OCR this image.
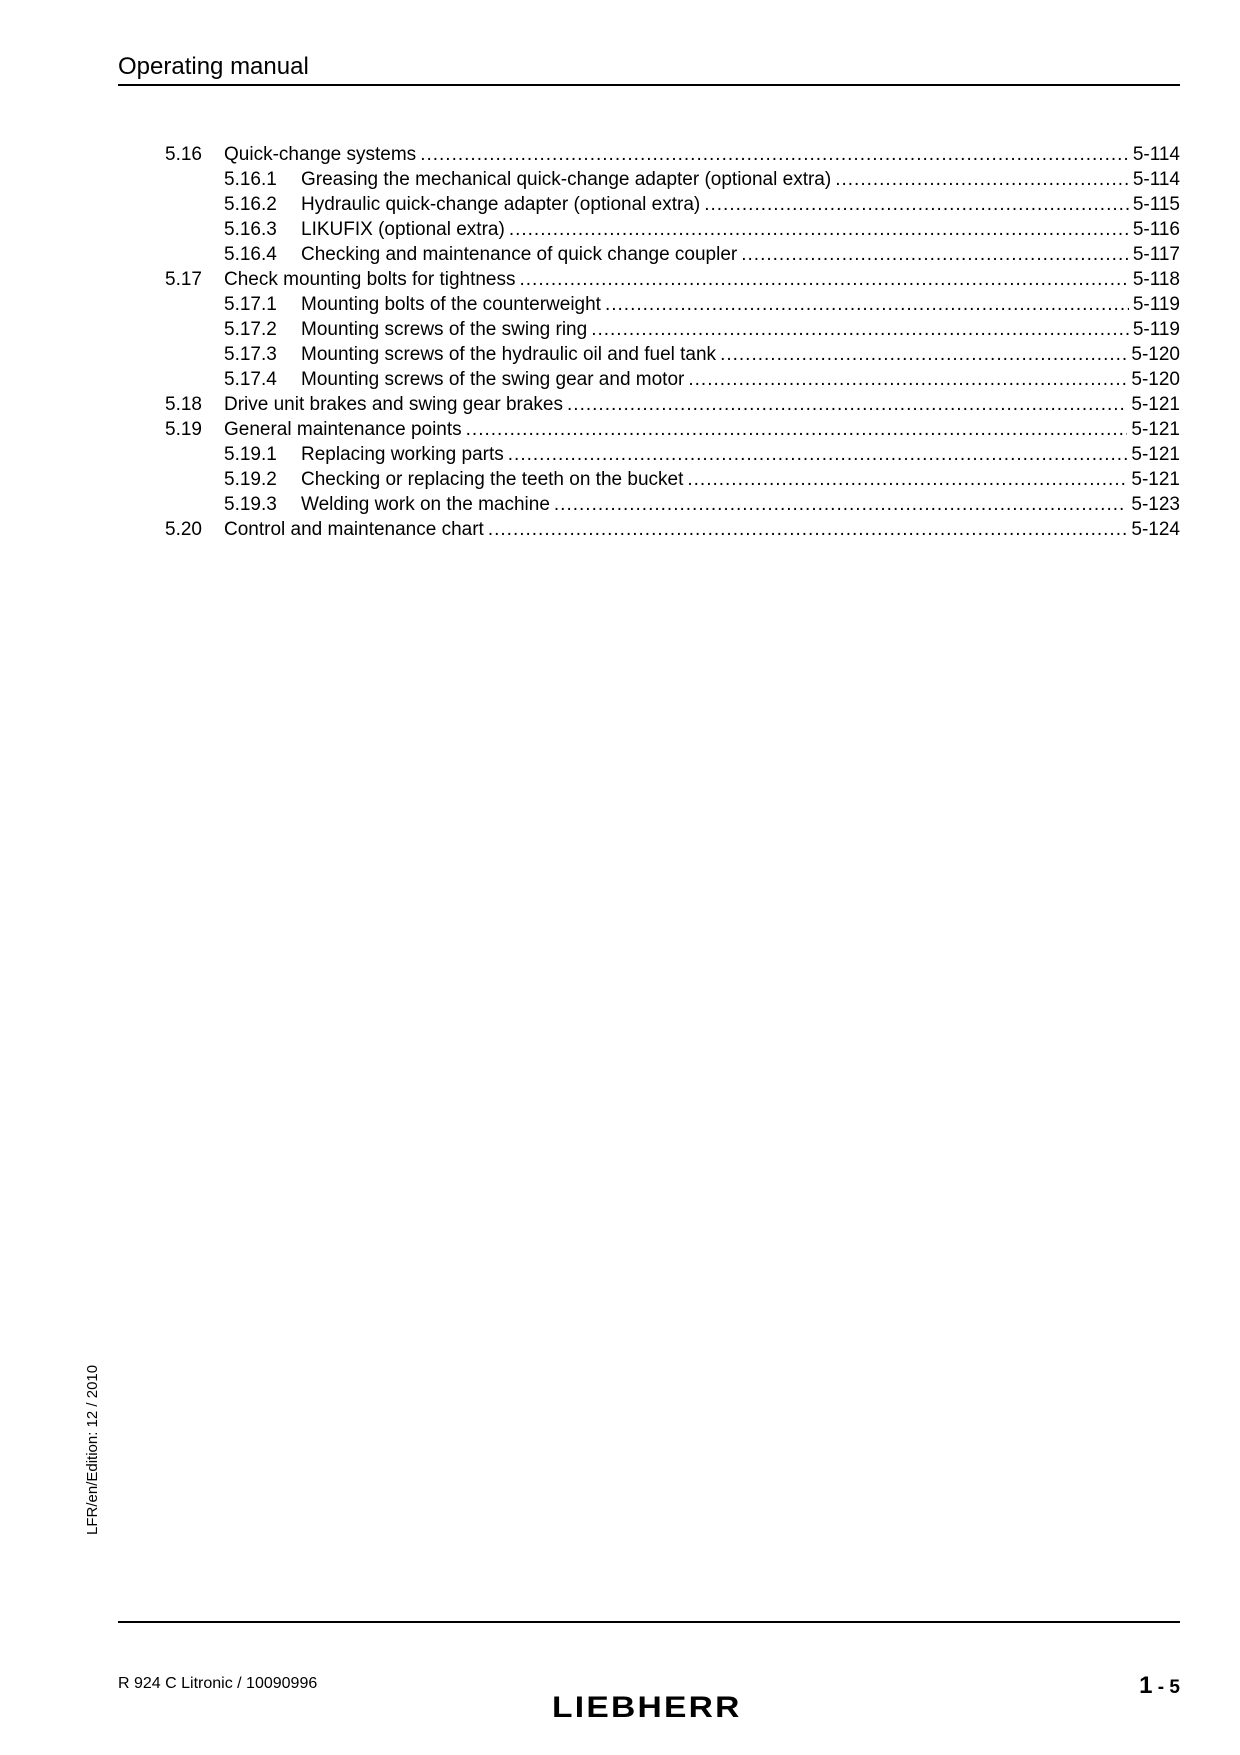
Operating manual
5.16	Quick-change systems .....	5-114
5.16.1	Greasing the mechanical quick-change adapter (optional extra) .....	5-114
5.16.2	Hydraulic quick-change adapter (optional extra) .....	5-115
5.16.3	LIKUFIX (optional extra) .....	5-116
5.16.4	Checking and maintenance of quick change coupler .....	5-117
5.17	Check mounting bolts for tightness .....	5-118
5.17.1	Mounting bolts of the counterweight .....	5-119
5.17.2	Mounting screws of the swing ring .....	5-119
5.17.3	Mounting screws of the hydraulic oil and fuel tank .....	5-120
5.17.4	Mounting screws of the swing gear and motor .....	5-120
5.18	Drive unit brakes and swing gear brakes .....	5-121
5.19	General maintenance points .....	5-121
5.19.1	Replacing working parts .....	5-121
5.19.2	Checking or replacing the teeth on the bucket .....	5-121
5.19.3	Welding work on the machine .....	5-123
5.20	Control and maintenance chart .....	5-124
LFR/en/Edition: 12 / 2010
R 924 C Litronic / 10090996
LIEBHERR
1 - 5
